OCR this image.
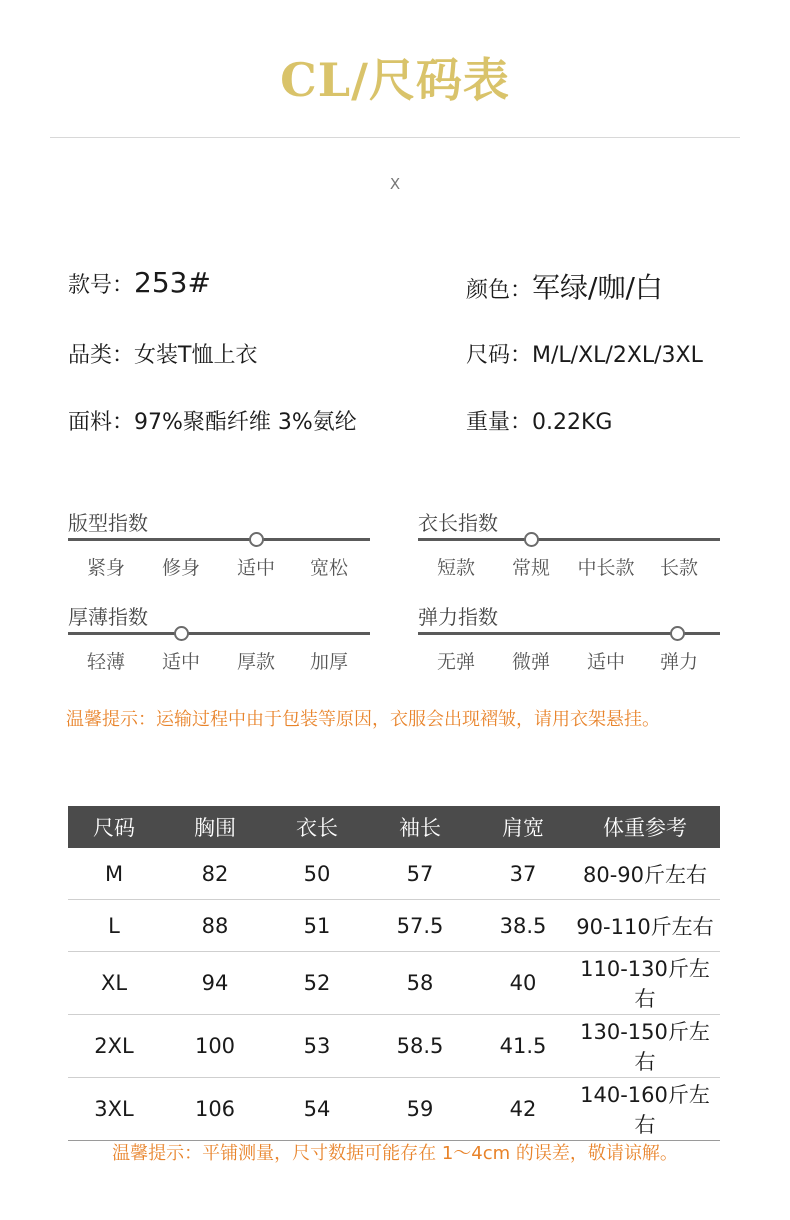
CL/尺码表
X
款号：253#	颜色：军绿/咖/白
品类：女装T恤上衣	尺码：M/L/XL/2XL/3XL
面料：97%聚酯纤维 3%氨纶	重量：0.22KG
版型指数
紧身 修身 适中 宽松
衣长指数
短款 常规 中长款 长款
厚薄指数
轻薄 适中 厚款 加厚
弹力指数
无弹 微弹 适中 弹力
温馨提示：运输过程中由于包装等原因，衣服会出现褶皱，请用衣架悬挂。
尺码	胸围	衣长	袖长	肩宽	体重参考
M	82	50	57	37	80-90斤左右
L	88	51	57.5	38.5	90-110斤左右
XL	94	52	58	40	110-130斤左右
2XL	100	53	58.5	41.5	130-150斤左右
3XL	106	54	59	42	140-160斤左右
温馨提示：平铺测量，尺寸数据可能存在 1～4cm 的误差，敬请谅解。
